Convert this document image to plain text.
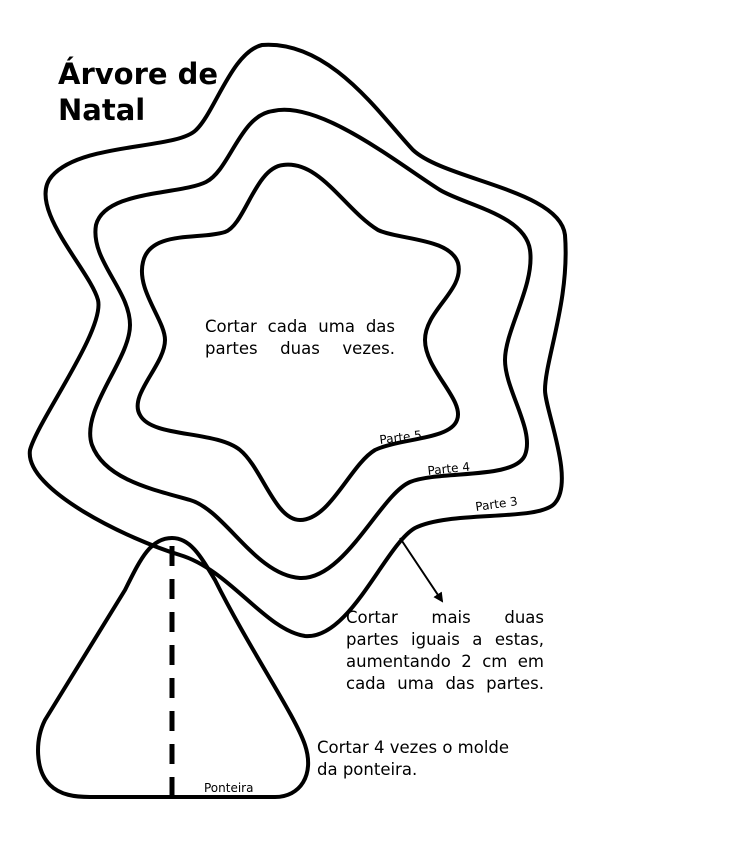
Parte 5
Parte 4
Parte 3
Ponteira
Árvore de
Natal
Cortar cada uma das
partes duas vezes.
Cortar mais duas
partes iguais a estas,
aumentando 2 cm em
cada uma das partes.
Cortar 4 vezes o molde
da ponteira.
